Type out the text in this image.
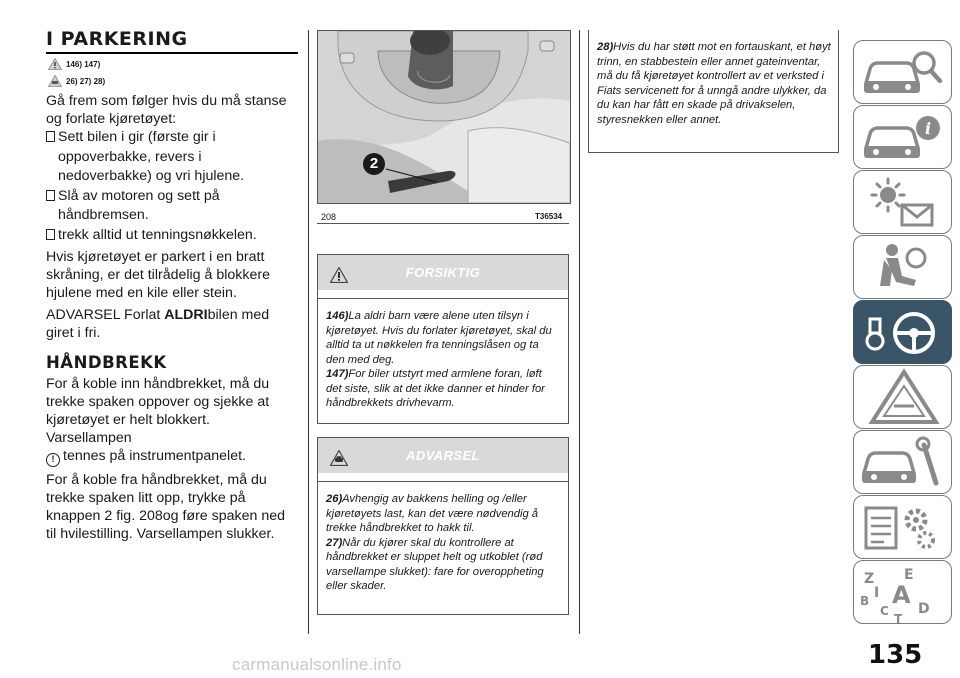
I PARKERING
146) 147)
26) 27) 28)

Gå frem som følger hvis du må stanse og forlate kjøretøyet:

Sett bilen i gir (første gir i oppoverbakke, revers i nedoverbakke) og vri hjulene.

Slå av motoren og sett på håndbremsen.

trekk alltid ut tenningsnøkkelen.

Hvis kjøretøyet er parkert i en bratt skråning, er det tilrådelig å blokkere hjulene med en kile eller stein.

ADVARSEL Forlat ALDRIbilen med giret i fri.

HÅNDBREKK

For å koble inn håndbrekket, må du trekke spaken oppover og sjekke at kjøretøyet er helt blokkert. Varsellampen
! tennes på instrumentpanelet.

For å koble fra håndbrekket, må du trekke spaken litt opp, trykke på knappen 2 fig. 208og føre spaken ned til hvilestilling. Varsellampen slukker.

2
208	T36534
FORSIKTIG

146)La aldri barn være alene uten tilsyn i kjøretøyet. Hvis du forlater kjøretøyet, skal du alltid ta ut nøkkelen fra tenningslåsen og ta den med deg.

147)For biler utstyrt med armlene foran, løft det siste, slik at det ikke danner et hinder for håndbrekkets drivhevarm.

ADVARSEL

26)Avhengig av bakkens helling og /eller kjøretøyets last, kan det være nødvendig å trekke håndbrekket to hakk til.

27)Når du kjører skal du kontrollere at håndbrekket er sluppet helt og utkoblet (rød varsellampe slukket): fare for overoppheting eller skader.

28)Hvis du har støtt mot en fortauskant, et høyt trinn, en stabbestein eller annet gateinventar, må du få kjøretøyet kontrollert av et verksted i Fiats servicenett for å unngå andre ulykker, da du kan har fått en skade på drivakselen, styresnekken eller annet.	i
Z E
A
B
C D
T
I
135
carmanualsonline.info
